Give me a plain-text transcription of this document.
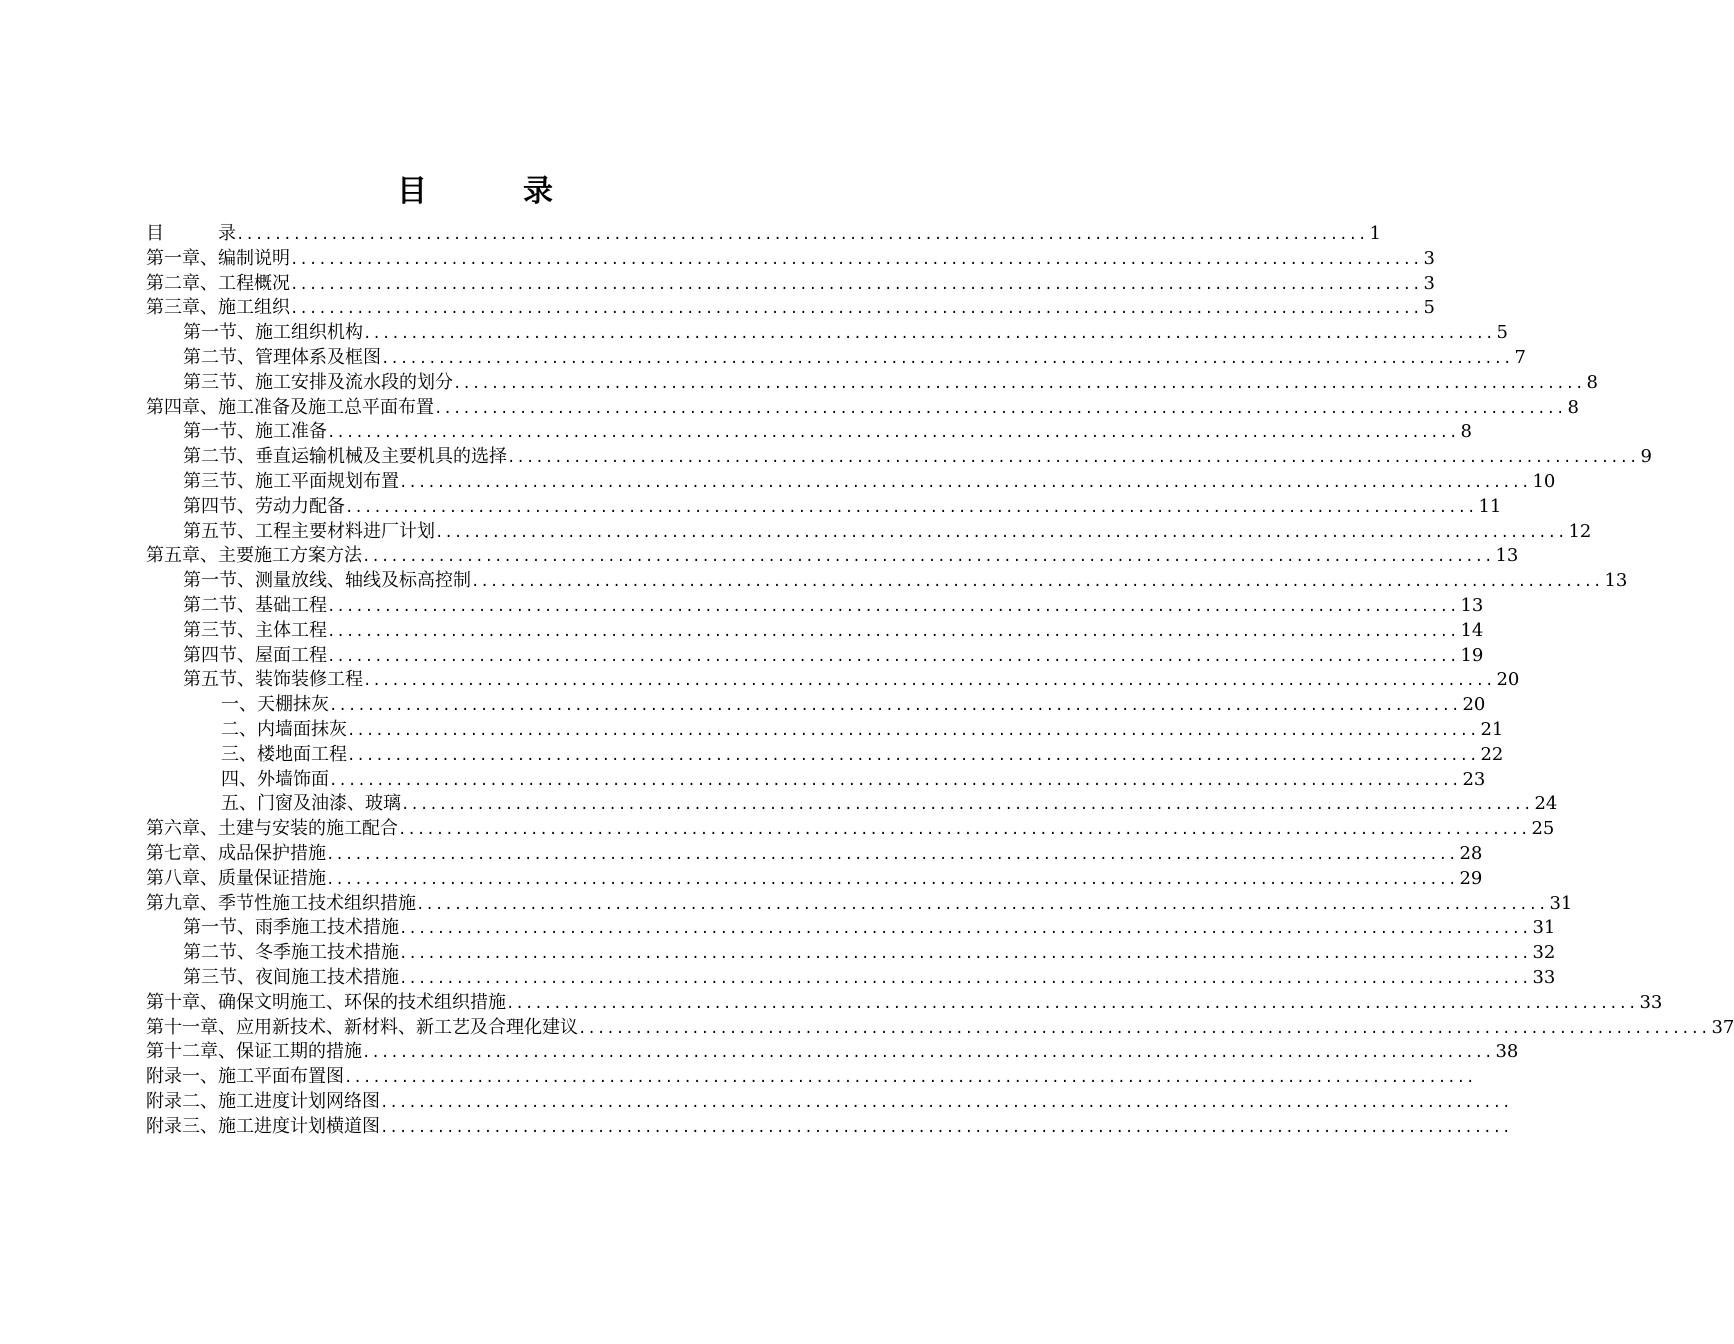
目	录
目　　　 录 ........................................................................................................................ 1
第一章、 编制说明 ........................................................................................................................ 3
第二章、 工程概况 ........................................................................................................................ 3
第三章、 施工组织 ........................................................................................................................ 5
第一节、 施工组织机构 ........................................................................................................................ 5
第二节、 管理体系及框图 ........................................................................................................................ 7
第三节、 施工安排及流水段的划分 ........................................................................................................................ 8
第四章、 施工准备及施工总平面布置 ........................................................................................................................ 8
第一节、 施工准备 ........................................................................................................................ 8
第二节、 垂直运输机械及主要机具的选择 ........................................................................................................................ 9
第三节、 施工平面规划布置 ........................................................................................................................ 10
第四节、 劳动力配备 ........................................................................................................................ 11
第五节、 工程主要材料进厂计划 ........................................................................................................................ 12
第五章、 主要施工方案方法 ........................................................................................................................ 13
第一节、 测量放线、轴线及标高控制 ........................................................................................................................ 13
第二节、 基础工程 ........................................................................................................................ 13
第三节、 主体工程 ........................................................................................................................ 14
第四节、 屋面工程 ........................................................................................................................ 19
第五节、 装饰装修工程 ........................................................................................................................ 20
一、 天棚抹灰 ........................................................................................................................ 20
二、 内墙面抹灰 ........................................................................................................................ 21
三、 楼地面工程 ........................................................................................................................ 22
四、 外墙饰面 ........................................................................................................................ 23
五、 门窗及油漆、玻璃 ........................................................................................................................ 24
第六章、 土建与安装的施工配合 ........................................................................................................................ 25
第七章、 成品保护措施 ........................................................................................................................ 28
第八章、 质量保证措施 ........................................................................................................................ 29
第九章、 季节性施工技术组织措施 ........................................................................................................................ 31
第一节、 雨季施工技术措施 ........................................................................................................................ 31
第二节、 冬季施工技术措施 ........................................................................................................................ 32
第三节、 夜间施工技术措施 ........................................................................................................................ 33
第十章、 确保文明施工、环保的技术组织措施 ........................................................................................................................ 33
第十一章、 应用新技术、新材料、新工艺及合理化建议 ........................................................................................................................ 37
第十二章、 保证工期的措施 ........................................................................................................................ 38
附录一、 施工平面布置图 ........................................................................................................................
附录二、 施工进度计划网络图 ........................................................................................................................
附录三、 施工进度计划横道图 ........................................................................................................................
